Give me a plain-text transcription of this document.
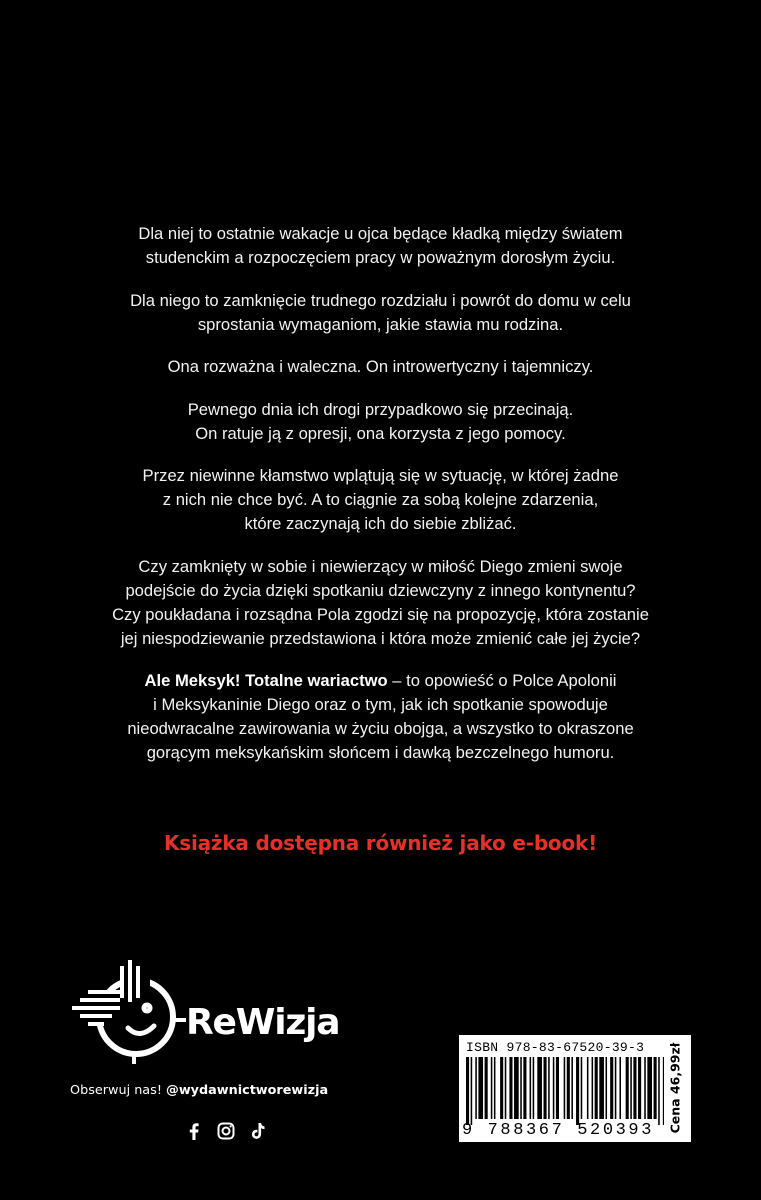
Dla niej to ostatnie wakacje u ojca będące kładką między światem
studenckim a rozpoczęciem pracy w poważnym dorosłym życiu.

Dla niego to zamknięcie trudnego rozdziału i powrót do domu w celu
sprostania wymaganiom, jakie stawia mu rodzina.

Ona rozważna i waleczna. On introwertyczny i tajemniczy.

Pewnego dnia ich drogi przypadkowo się przecinają.
On ratuje ją z opresji, ona korzysta z jego pomocy.

Przez niewinne kłamstwo wplątują się w sytuację, w której żadne
z nich nie chce być. A to ciągnie za sobą kolejne zdarzenia,
które zaczynają ich do siebie zbliżać.

Czy zamknięty w sobie i niewierzący w miłość Diego zmieni swoje
podejście do życia dzięki spotkaniu dziewczyny z innego kontynentu?
Czy poukładana i rozsądna Pola zgodzi się na propozycję, która zostanie
jej niespodziewanie przedstawiona i która może zmienić całe jej życie?

Ale Meksyk! Totalne wariactwo – to opowieść o Polce Apolonii
i Meksykaninie Diego oraz o tym, jak ich spotkanie spowoduje
nieodwracalne zawirowania w życiu obojga, a wszystko to okraszone
gorącym meksykańskim słońcem i dawką bezczelnego humoru.

Książka dostępna również jako e-book!
ReWizja
Obserwuj nas! @wydawnictworewizja
ISBN 978-83-67520-39-3
9 788367 520393 Cena 46,99zł
